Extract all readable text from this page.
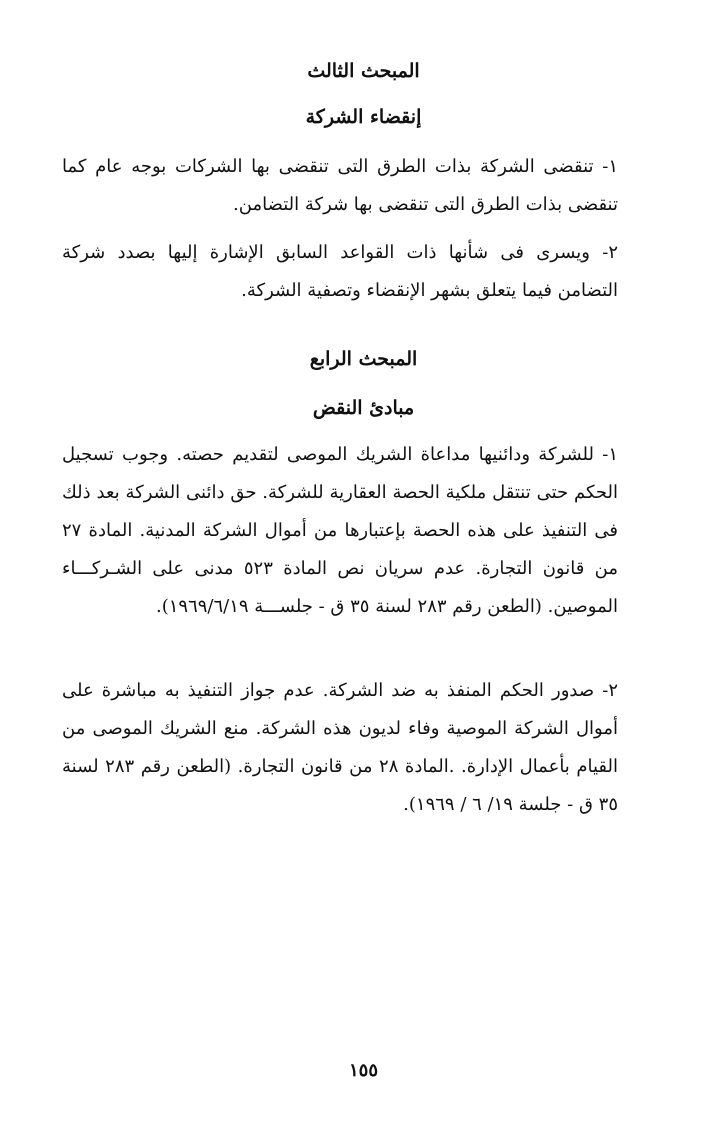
المبحث الثالث
إنقضاء الشركة

١- تنقضى الشركة بذات الطرق التى تنقضى بها الشركات بوجه عام كما تنقضى بذات الطرق التى تنقضى بها شركة التضامن.

٢- ويسرى فى شأنها ذات القواعد السابق الإشارة إليها بصدد شركة التضامن فيما يتعلق بشهر الإنقضاء وتصفية الشركة.

المبحث الرابع
مبادئ النقض

١- للشركة ودائنيها مداعاة الشريك الموصى لتقديم حصته. وجوب تسجيل الحكم حتى تنتقل ملكية الحصة العقارية للشركة. حق دائنى الشركة بعد ذلك فى التنفيذ على هذه الحصة بإعتبارها من أموال الشركة المدنية. المادة ٢٧ من قانون التجارة. عدم سريان نص المادة ٥٢٣ مدنى على الشـركـــاء الموصين. (الطعن رقم ٢٨٣ لسنة ٣٥ ق - جلســـة ١٩٦٩/٦/١٩).

٢- صدور الحكم المنفذ به ضد الشركة. عدم جواز التنفيذ به مباشرة على أموال الشركة الموصية وفاء لديون هذه الشركة. منع الشريك الموصى من القيام بأعمال الإدارة. .المادة ٢٨ من قانون التجارة. (الطعن رقم ٢٨٣ لسنة ٣٥ ق - جلسة ١٩/ ٦ / ١٩٦٩).

١٥٥
